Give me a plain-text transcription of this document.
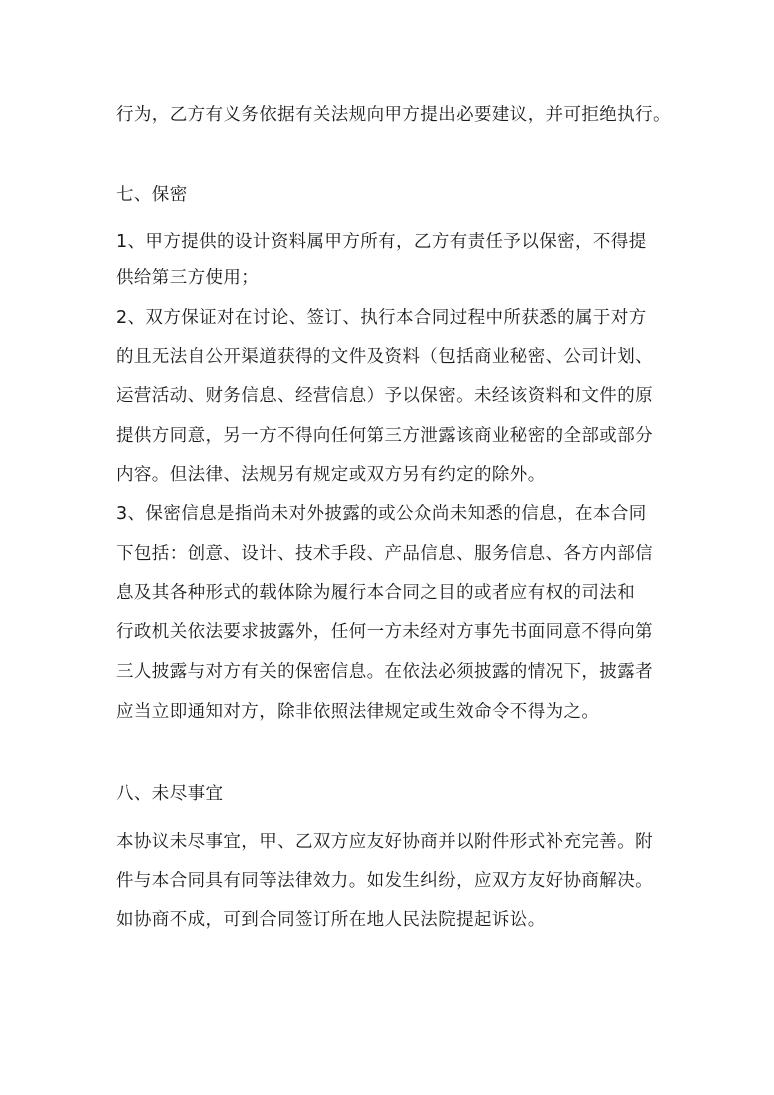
行为，乙方有义务依据有关法规向甲方提出必要建议，并可拒绝执行。
七、保密
1、甲方提供的设计资料属甲方所有，乙方有责任予以保密，不得提
供给第三方使用；
2、双方保证对在讨论、签订、执行本合同过程中所获悉的属于对方
的且无法自公开渠道获得的文件及资料（包括商业秘密、公司计划、
运营活动、财务信息、经营信息）予以保密。未经该资料和文件的原
提供方同意，另一方不得向任何第三方泄露该商业秘密的全部或部分
内容。但法律、法规另有规定或双方另有约定的除外。
3、保密信息是指尚未对外披露的或公众尚未知悉的信息，在本合同
下包括：创意、设计、技术手段、产品信息、服务信息、各方内部信
息及其各种形式的载体除为履行本合同之目的或者应有权的司法和
行政机关依法要求披露外，任何一方未经对方事先书面同意不得向第
三人披露与对方有关的保密信息。在依法必须披露的情况下，披露者
应当立即通知对方，除非依照法律规定或生效命令不得为之。
八、未尽事宜
本协议未尽事宜，甲、乙双方应友好协商并以附件形式补充完善。附
件与本合同具有同等法律效力。如发生纠纷，应双方友好协商解决。
如协商不成，可到合同签订所在地人民法院提起诉讼。
